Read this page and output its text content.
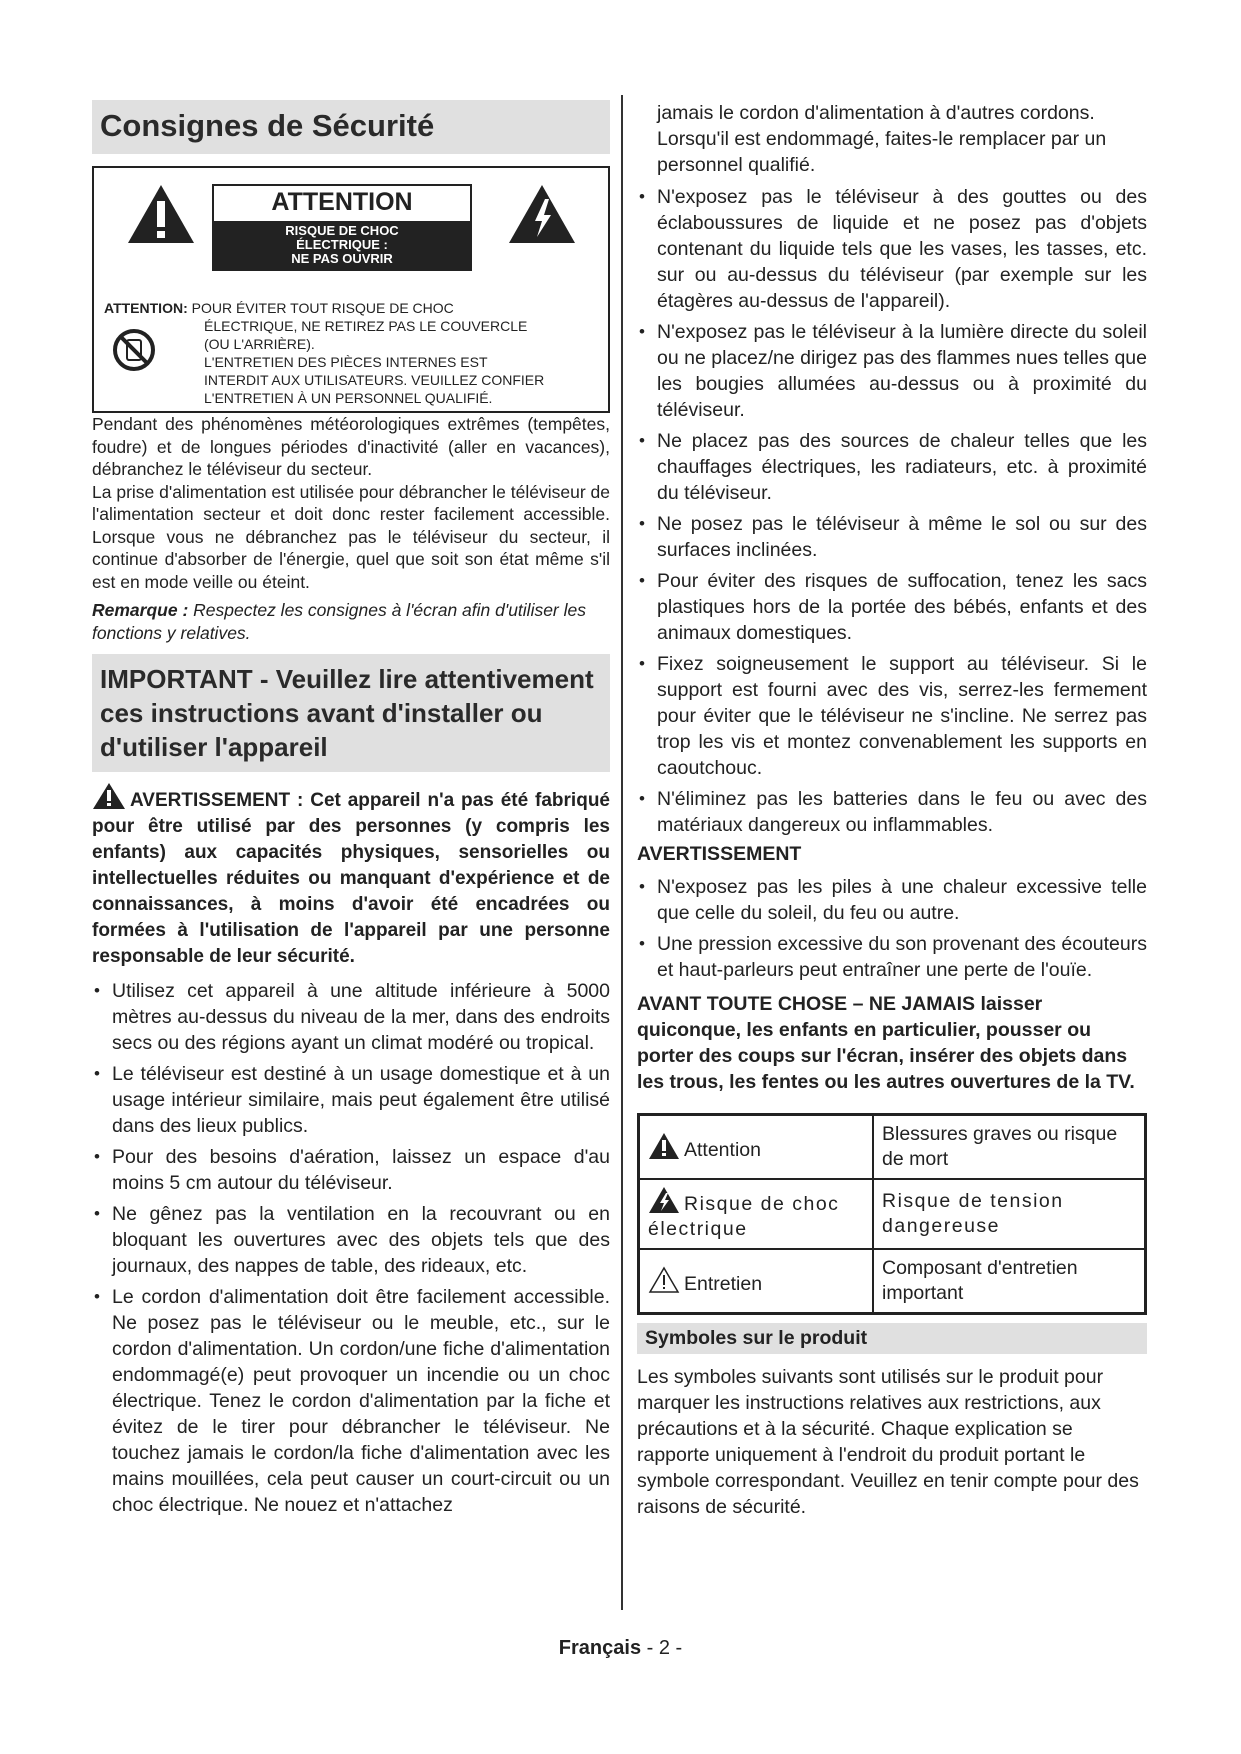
Consignes de Sécurité
ATTENTION
RISQUE DE CHOC
ÉLECTRIQUE :
NE PAS OUVRIR
ATTENTION: POUR ÉVITER TOUT RISQUE DE CHOC
ÉLECTRIQUE, NE RETIREZ PAS LE COUVERCLE
(OU L'ARRIÈRE).
L'ENTRETIEN DES PIÈCES INTERNES EST
INTERDIT AUX UTILISATEURS. VEUILLEZ CONFIER
L'ENTRETIEN À UN PERSONNEL QUALIFIÉ.

Pendant des phénomènes météorologiques extrêmes (tempêtes, foudre) et de longues périodes d'inactivité (aller en vacances), débranchez le téléviseur du secteur.

La prise d'alimentation est utilisée pour débrancher le téléviseur de l'alimentation secteur et doit donc rester facilement accessible. Lorsque vous ne débranchez pas le téléviseur du secteur, il continue d'absorber de l'énergie, quel que soit son état même s'il est en mode veille ou éteint.

Remarque : Respectez les consignes à l'écran afin d'utiliser les fonctions y relatives.
IMPORTANT - Veuillez lire attentivement ces instructions avant d'installer ou d'utiliser l'appareil
AVERTISSEMENT : Cet appareil n'a pas été fabriqué pour être utilisé par des personnes (y compris les enfants) aux capacités physiques, sensorielles ou intellectuelles réduites ou manquant d'expérience et de connaissances, à moins d'avoir été encadrées ou formées à l'utilisation de l'appareil par une personne responsable de leur sécurité.
• Utilisez cet appareil à une altitude inférieure à 5000 mètres au-dessus du niveau de la mer, dans des endroits secs ou des régions ayant un climat modéré ou tropical.
• Le téléviseur est destiné à un usage domestique et à un usage intérieur similaire, mais peut également être utilisé dans des lieux publics.
• Pour des besoins d'aération, laissez un espace d'au moins 5 cm autour du téléviseur.
• Ne gênez pas la ventilation en la recouvrant ou en bloquant les ouvertures avec des objets tels que des journaux, des nappes de table, des rideaux, etc.
• Le cordon d'alimentation doit être facilement accessible. Ne posez pas le téléviseur ou le meuble, etc., sur le cordon d'alimentation. Un cordon/une fiche d'alimentation endommagé(e) peut provoquer un incendie ou un choc électrique. Tenez le cordon d'alimentation par la fiche et évitez de le tirer pour débrancher le téléviseur. Ne touchez jamais le cordon/la fiche d'alimentation avec les mains mouillées, cela peut causer un court-circuit ou un choc électrique. Ne nouez et n'attachez
jamais le cordon d'alimentation à d'autres cordons. Lorsqu'il est endommagé, faites-le remplacer par un personnel qualifié.
• N'exposez pas le téléviseur à des gouttes ou des éclaboussures de liquide et ne posez pas d'objets contenant du liquide tels que les vases, les tasses, etc. sur ou au-dessus du téléviseur (par exemple sur les étagères au-dessus de l'appareil).
• N'exposez pas le téléviseur à la lumière directe du soleil ou ne placez/ne dirigez pas des flammes nues telles que les bougies allumées au-dessus ou à proximité du téléviseur.
• Ne placez pas des sources de chaleur telles que les chauffages électriques, les radiateurs, etc. à proximité du téléviseur.
• Ne posez pas le téléviseur à même le sol ou sur des surfaces inclinées.
• Pour éviter des risques de suffocation, tenez les sacs plastiques hors de la portée des bébés, enfants et des animaux domestiques.
• Fixez soigneusement le support au téléviseur. Si le support est fourni avec des vis, serrez-les fermement pour éviter que le téléviseur ne s'incline. Ne serrez pas trop les vis et montez convenablement les supports en caoutchouc.
• N'éliminez pas les batteries dans le feu ou avec des matériaux dangereux ou inflammables.
AVERTISSEMENT
• N'exposez pas les piles à une chaleur excessive telle que celle du soleil, du feu ou autre.
• Une pression excessive du son provenant des écouteurs et haut-parleurs peut entraîner une perte de l'ouïe.
AVANT TOUTE CHOSE – NE JAMAIS laisser quiconque, les enfants en particulier, pousser ou porter des coups sur l'écran, insérer des objets dans les trous, les fentes ou les autres ouvertures de la TV.
Attention	Blessures graves ou risque de mort
Risque de choc électrique	Risque de tension dangereuse
Entretien	Composant d'entretien important
Symboles sur le produit
Les symboles suivants sont utilisés sur le produit pour marquer les instructions relatives aux restrictions, aux précautions et à la sécurité. Chaque explication se rapporte uniquement à l'endroit du produit portant le symbole correspondant. Veuillez en tenir compte pour des raisons de sécurité.
Français - 2 -
